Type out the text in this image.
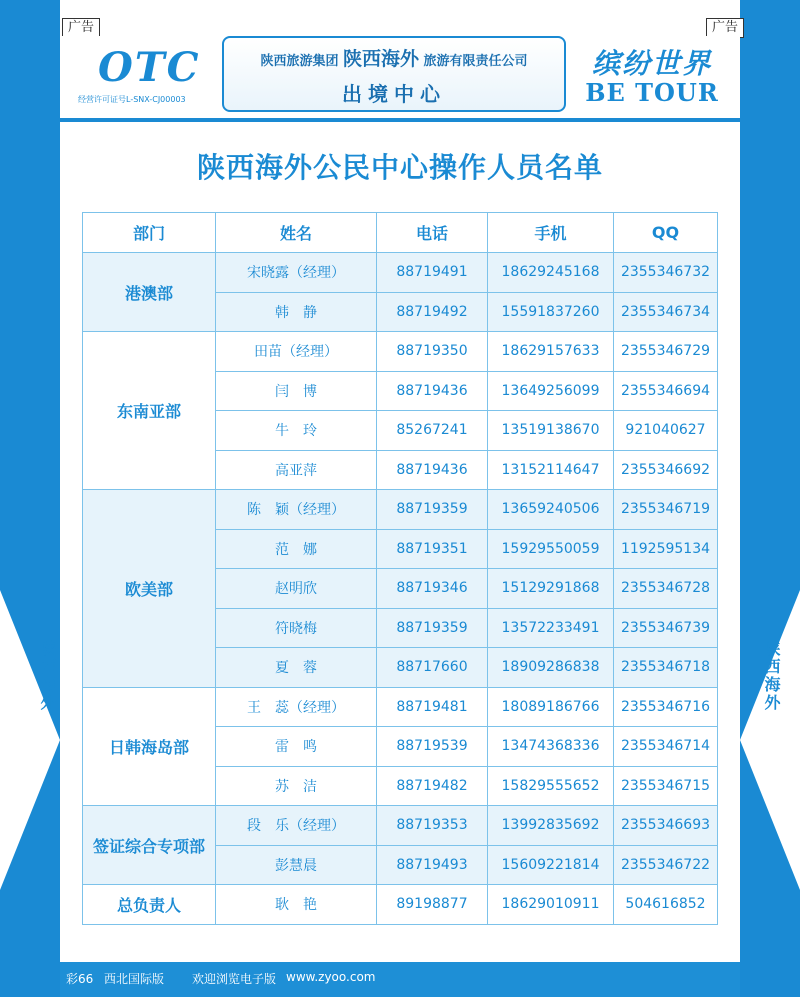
陕西海外	陕西海外
广告	广告
OTC
经营许可证号L-SNX-CJ00003
陕西旅游集团 陕西海外 旅游有限责任公司
出境中心
缤纷世界
BE TOUR
陕西海外公民中心操作人员名单
部门	姓名	电话	手机	QQ
港澳部	宋晓露（经理）	88719491	18629245168	2355346732
	韩　静	88719492	15591837260	2355346734
东南亚部	田苗（经理）	88719350	18629157633	2355346729
	闫　博	88719436	13649256099	2355346694
	牛　玲	85267241	13519138670	921040627
	高亚萍	88719436	13152114647	2355346692
欧美部	陈　颖（经理）	88719359	13659240506	2355346719
	范　娜	88719351	15929550059	1192595134
	赵明欣	88719346	15129291868	2355346728
	符晓梅	88719359	13572233491	2355346739
	夏　蓉	88717660	18909286838	2355346718
日韩海岛部	王　蕊（经理）	88719481	18089186766	2355346716
	雷　鸣	88719539	13474368336	2355346714
	苏　洁	88719482	15829555652	2355346715
签证综合专项部	段　乐（经理）	88719353	13992835692	2355346693
	彭慧晨	88719493	15609221814	2355346722
总负责人	耿　艳	89198877	18629010911	504616852
彩66 西北国际版 欢迎浏览电子版 www.zyoo.com
